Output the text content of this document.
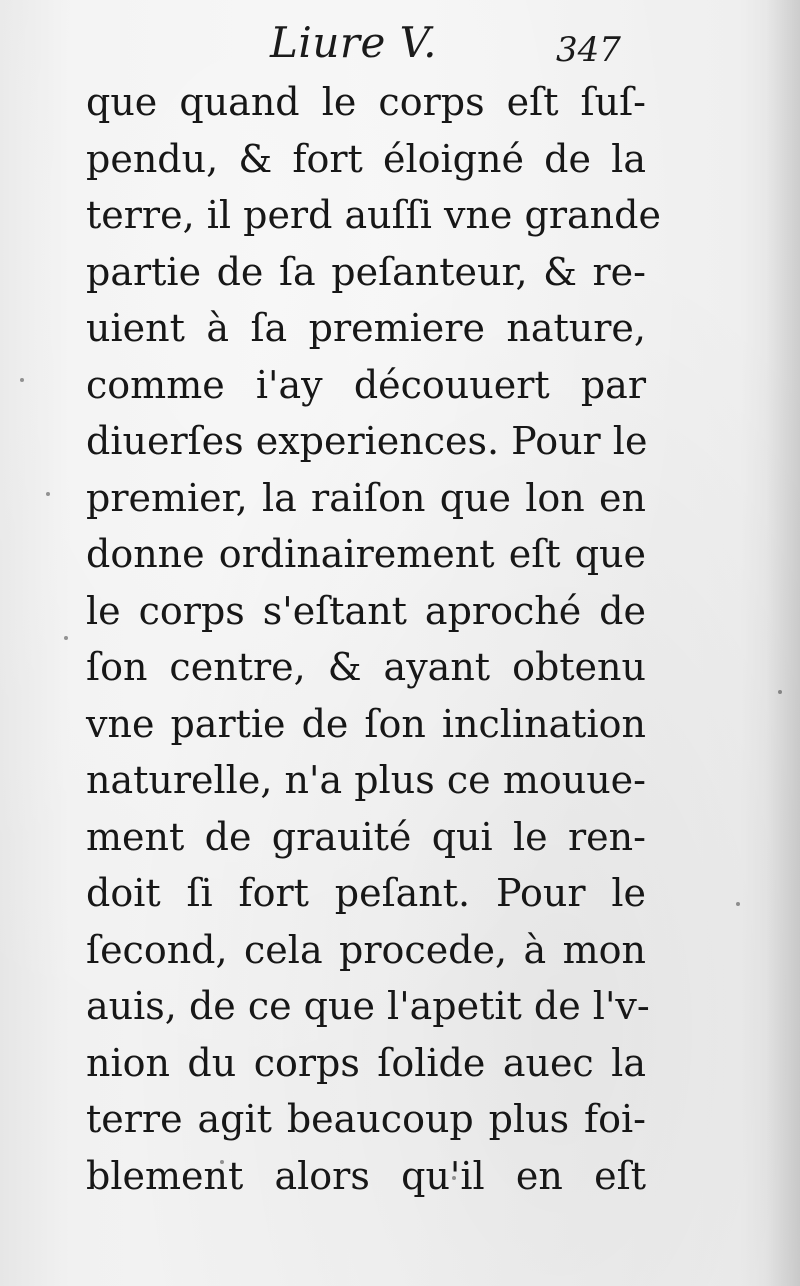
Liure V.	347
que quand le corps eſt ſuſ-
pendu, & fort éloigné de la
terre, il perd auſſi vne grande
partie de ſa peſanteur, & re-
uient à ſa premiere nature,
comme i'ay découuert par
diuerſes experiences. Pour le
premier, la raiſon que lon en
donne ordinairement eſt que
le corps s'eſtant aproché de
ſon centre, & ayant obtenu
vne partie de ſon inclination
naturelle, n'a plus ce mouue-
ment de grauité qui le ren-
doit ſi fort peſant. Pour le
ſecond, cela procede, à mon
auis, de ce que l'apetit de l'v-
nion du corps ſolide auec la
terre agit beaucoup plus foi-
blement alors qu'il en eſt
